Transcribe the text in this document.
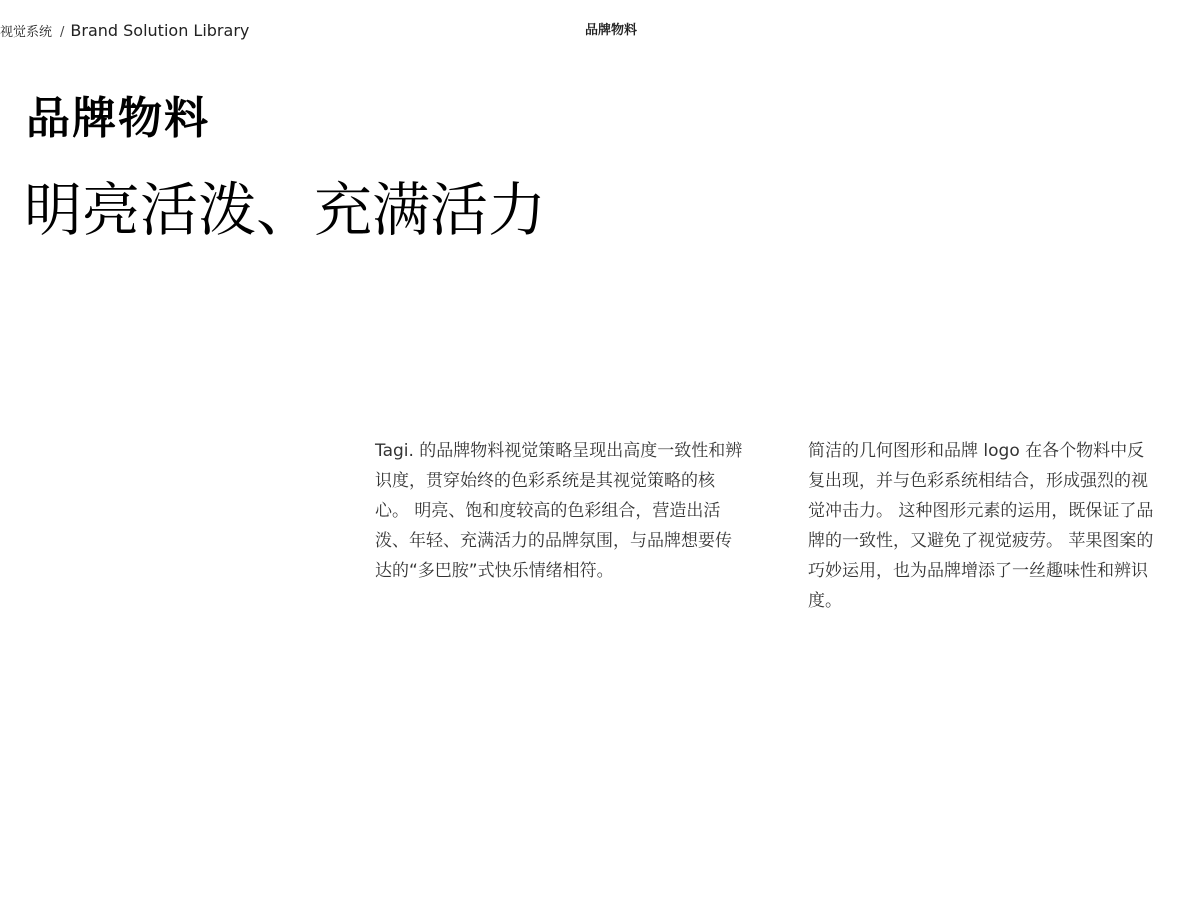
视觉系统 / Brand Solution Library	品牌物料
品牌物料
明亮活泼、充满活力

Tagi. 的品牌物料视觉策略呈现出高度一致性和辨识度，贯穿始终的色彩系统是其视觉策略的核心。 明亮、饱和度较高的色彩组合，营造出活泼、年轻、充满活力的品牌氛围，与品牌想要传达的“多巴胺”式快乐情绪相符。

简洁的几何图形和品牌 logo 在各个物料中反复出现，并与色彩系统相结合，形成强烈的视觉冲击力。 这种图形元素的运用，既保证了品牌的一致性，又避免了视觉疲劳。 苹果图案的巧妙运用，也为品牌增添了一丝趣味性和辨识度。
